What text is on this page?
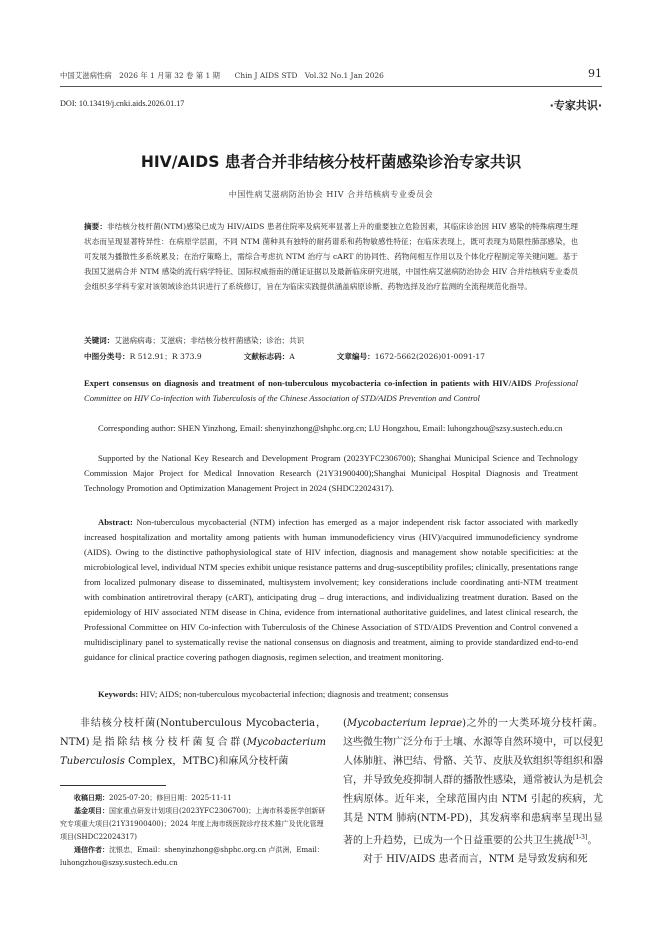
中国艾滋病性病　2026 年 1 月第 32 卷 第 1 期　　Chin J AIDS STD　Vol.32 No.1 Jan 2026	91
DOI: 10.13419/j.cnki.aids.2026.01.17	·专家共识·
HIV/AIDS 患者合并非结核分枝杆菌感染诊治专家共识
中国性病艾滋病防治协会 HIV 合并结核病专业委员会
摘要：非结核分枝杆菌(NTM)感染已成为 HIV/AIDS 患者住院率及病死率显著上升的重要独立危险因素，其临床诊治因 HIV 感染的特殊病理生理状态而呈现显著特异性：在病原学层面，不同 NTM 菌种具有独特的耐药谱系和药物敏感性特征；在临床表现上，既可表现为局限性肺部感染，也可发展为播散性多系统累及；在治疗策略上，需综合考虑抗 NTM 治疗与 cART 的协同性、药物间相互作用以及个体化疗程制定等关键问题。基于我国艾滋病合并 NTM 感染的流行病学特征、国际权威指南的循证证据以及最新临床研究进展，中国性病艾滋病防治协会 HIV 合并结核病专业委员会组织多学科专家对该领域诊治共识进行了系统修订，旨在为临床实践提供涵盖病原诊断、药物选择及治疗监测的全流程规范化指导。
关键词：艾滋病病毒；艾滋病；非结核分枝杆菌感染；诊治；共识
中图分类号：R 512.91；R 373.9	文献标志码：A	文章编号：1672-5662(2026)01-0091-17
Expert consensus on diagnosis and treatment of non-tuberculous mycobacteria co-infection in patients with HIV/AIDS Professional Committee on HIV Co-infection with Tuberculosis of the Chinese Association of STD/AIDS Prevention and Control
Corresponding author: SHEN Yinzhong, Email: shenyinzhong@shphc.org.cn; LU Hongzhou, Email: luhongzhou@szsy.sustech.edu.cn
Supported by the National Key Research and Development Program (2023YFC2306700); Shanghai Municipal Science and Technology Commission Major Project for Medical Innovation Research (21Y31900400);Shanghai Municipal Hospital Diagnosis and Treatment Technology Promotion and Optimization Management Project in 2024 (SHDC22024317).
Abstract: Non-tuberculous mycobacterial (NTM) infection has emerged as a major independent risk factor associated with markedly increased hospitalization and mortality among patients with human immunodeficiency virus (HIV)/acquired immunodeficiency syndrome (AIDS). Owing to the distinctive pathophysiological state of HIV infection, diagnosis and management show notable specificities: at the microbiological level, individual NTM species exhibit unique resistance patterns and drug-susceptibility profiles; clinically, presentations range from localized pulmonary disease to disseminated, multisystem involvement; key considerations include coordinating anti-NTM treatment with combination antiretroviral therapy (cART), anticipating drug – drug interactions, and individualizing treatment duration. Based on the epidemiology of HIV associated NTM disease in China, evidence from international authoritative guidelines, and latest clinical research, the Professional Committee on HIV Co-infection with Tuberculosis of the Chinese Association of STD/AIDS Prevention and Control convened a multidisciplinary panel to systematically revise the national consensus on diagnosis and treatment, aiming to provide standardized end-to-end guidance for clinical practice covering pathogen diagnosis, regimen selection, and treatment monitoring.
Keywords: HIV; AIDS; non-tuberculous mycobacterial infection; diagnosis and treatment; consensus
非结核分枝杆菌(Nontuberculous Mycobacteria，NTM)是指除结核分枝杆菌复合群(Mycobacterium Tuberculosis Complex，MTBC)和麻风分枝杆菌

收稿日期：2025-07-20；修回日期：2025-11-11

基金项目：国家重点研发计划项目(2023YFC2306700)；上海市科委医学创新研究专项重大项目(21Y31900400)；2024 年度上海市级医院诊疗技术推广及优化管理项目(SHDC22024317)

通信作者：沈银忠，Email：shenyinzhong@shphc.org.cn 卢洪洲，Email：luhongzhou@szsy.sustech.edu.cn

(Mycobacterium leprae)之外的一大类环境分枝杆菌。这些微生物广泛分布于土壤、水源等自然环境中，可以侵犯人体肺脏、淋巴结、骨骼、关节、皮肤及软组织等组织和器官，并导致免疫抑制人群的播散性感染，通常被认为是机会性病原体。近年来，全球范围内由 NTM 引起的疾病，尤其是 NTM 肺病(NTM-PD)，其发病率和患病率呈现出显著的上升趋势，已成为一个日益重要的公共卫生挑战[1-3]。
对于 HIV/AIDS 患者而言，NTM 是导致发病和死
